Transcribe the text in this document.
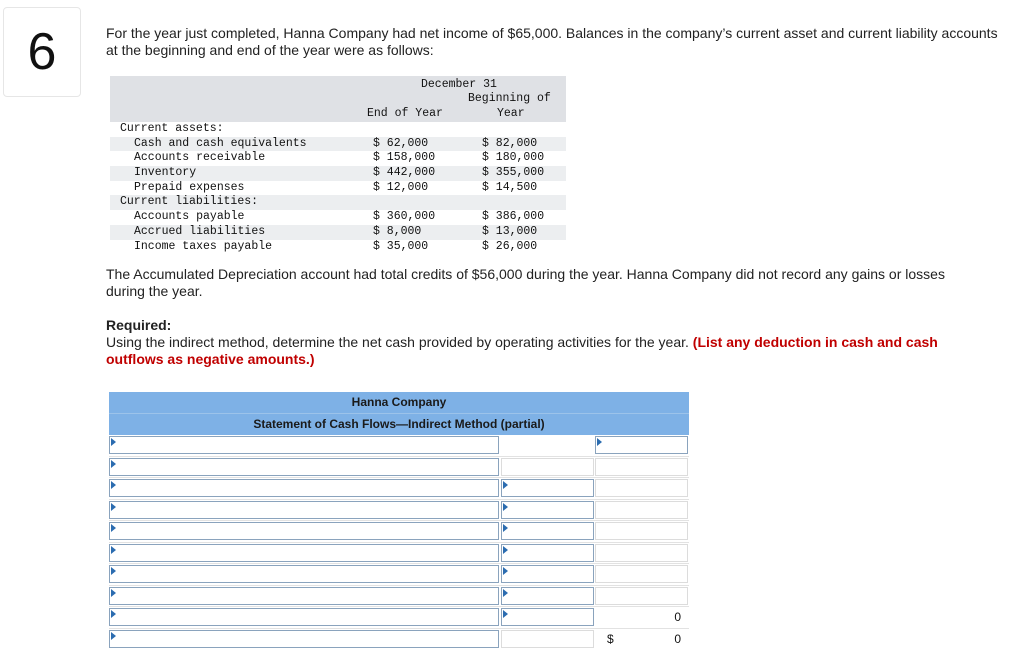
6	For the year just completed, Hanna Company had net income of $65,000. Balances in the company’s current asset and current liability accounts at the beginning and end of the year were as follows:
December 31
End of Year
Beginning of
Year
Current assets:
Cash and cash equivalents	$ 62,000	$ 82,000
Accounts receivable	$ 158,000	$ 180,000
Inventory	$ 442,000	$ 355,000
Prepaid expenses	$ 12,000	$ 14,500
Current liabilities:
Accounts payable	$ 360,000	$ 386,000
Accrued liabilities	$ 8,000	$ 13,000
Income taxes payable	$ 35,000	$ 26,000
The Accumulated Depreciation account had total credits of $56,000 during the year. Hanna Company did not record any gains or losses during the year.
Required:
Using the indirect method, determine the net cash provided by operating activities for the year. (List any deduction in cash and cash outflows as negative amounts.)
Hanna Company
Statement of Cash Flows—Indirect Method (partial)
0
$	0
